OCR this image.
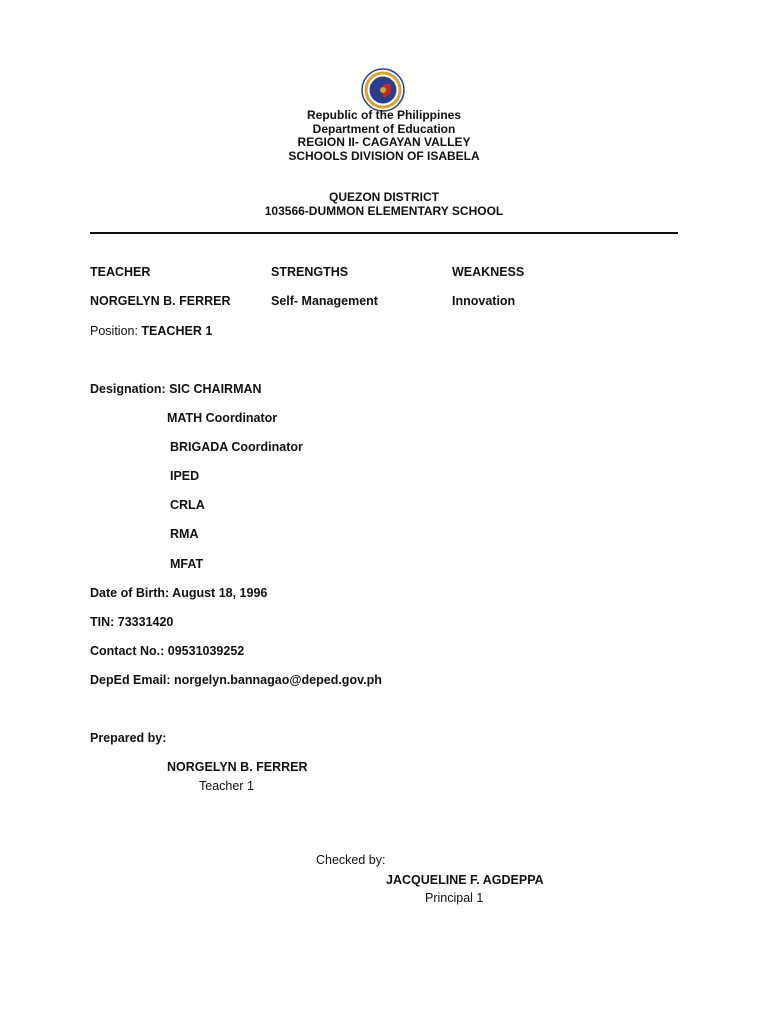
Republic of the Philippines
Department of Education
REGION II- CAGAYAN VALLEY
SCHOOLS DIVISION OF ISABELA
QUEZON DISTRICT
103566-DUMMON ELEMENTARY SCHOOL
TEACHER	STRENGTHS	WEAKNESS
NORGELYN B. FERRER	Self- Management	Innovation
Position: TEACHER 1
Designation: SIC CHAIRMAN
MATH Coordinator
BRIGADA Coordinator
IPED
CRLA
RMA
MFAT
Date of Birth: August 18, 1996
TIN: 73331420
Contact No.: 09531039252
DepEd Email: norgelyn.bannagao@deped.gov.ph
Prepared by:
NORGELYN B. FERRER
Teacher 1
Checked by:
JACQUELINE F. AGDEPPA
Principal 1
